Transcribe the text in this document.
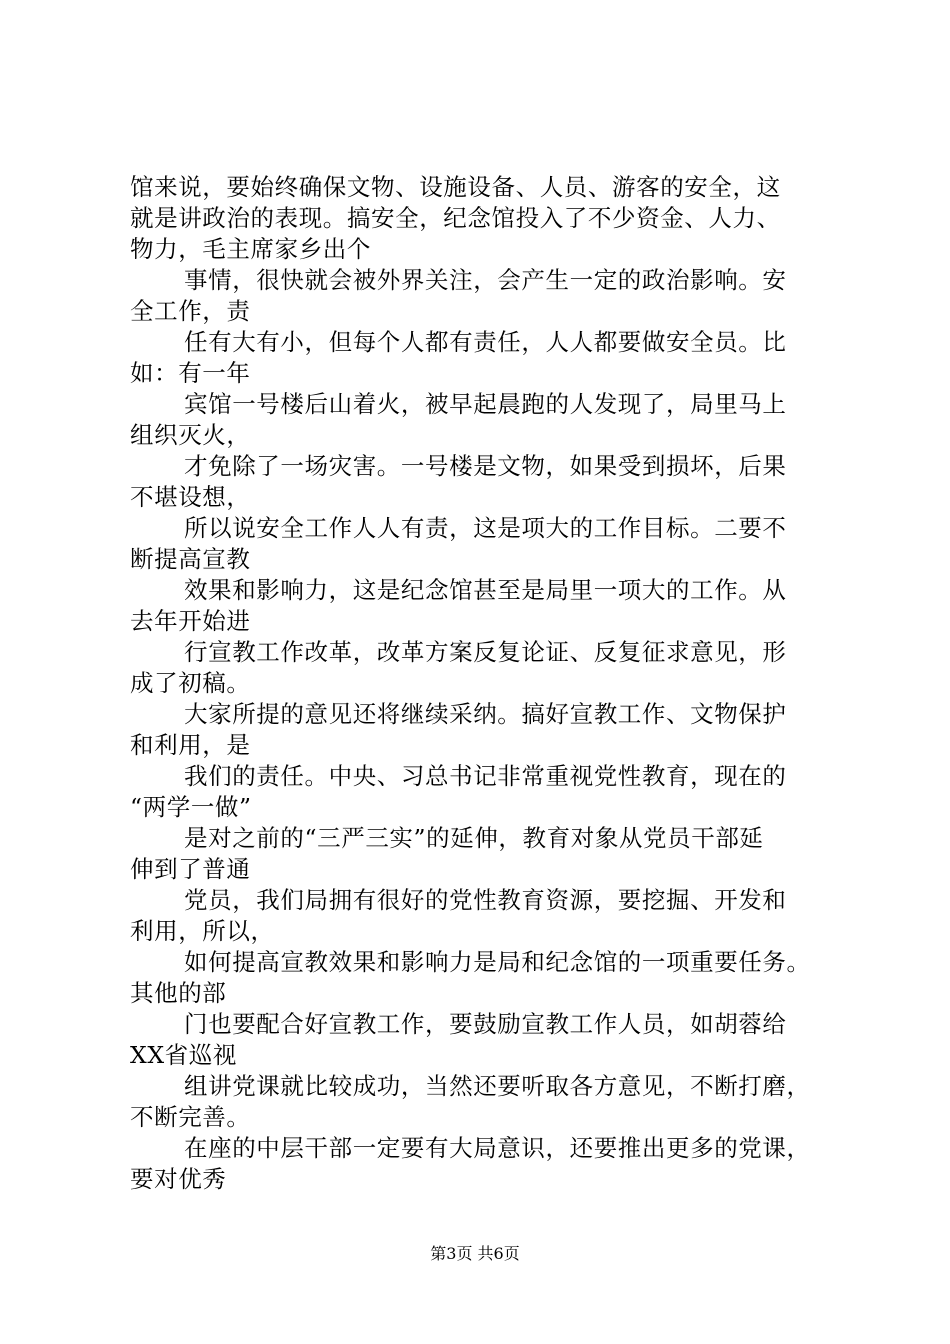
馆来说，要始终确保文物、设施设备、人员、游客的安全，这
就是讲政治的表现。搞安全，纪念馆投入了不少资金、人力、
物力，毛主席家乡出个
事情，很快就会被外界关注，会产生一定的政治影响。安
全工作，责
任有大有小，但每个人都有责任，人人都要做安全员。比
如：有一年
宾馆一号楼后山着火，被早起晨跑的人发现了，局里马上
组织灭火，
才免除了一场灾害。一号楼是文物，如果受到损坏，后果
不堪设想，
所以说安全工作人人有责，这是项大的工作目标。二要不
断提高宣教
效果和影响力，这是纪念馆甚至是局里一项大的工作。从
去年开始进
行宣教工作改革，改革方案反复论证、反复征求意见，形
成了初稿。
大家所提的意见还将继续采纳。搞好宣教工作、文物保护
和利用，是
我们的责任。中央、习总书记非常重视党性教育，现在的
“两学一做”
是对之前的“三严三实”的延伸，教育对象从党员干部延
伸到了普通
党员，我们局拥有很好的党性教育资源，要挖掘、开发和
利用，所以，
如何提高宣教效果和影响力是局和纪念馆的一项重要任务。
其他的部
门也要配合好宣教工作，要鼓励宣教工作人员，如胡蓉给
XX省巡视
组讲党课就比较成功，当然还要听取各方意见，不断打磨，
不断完善。
在座的中层干部一定要有大局意识，还要推出更多的党课，
要对优秀
第3页 共6页
